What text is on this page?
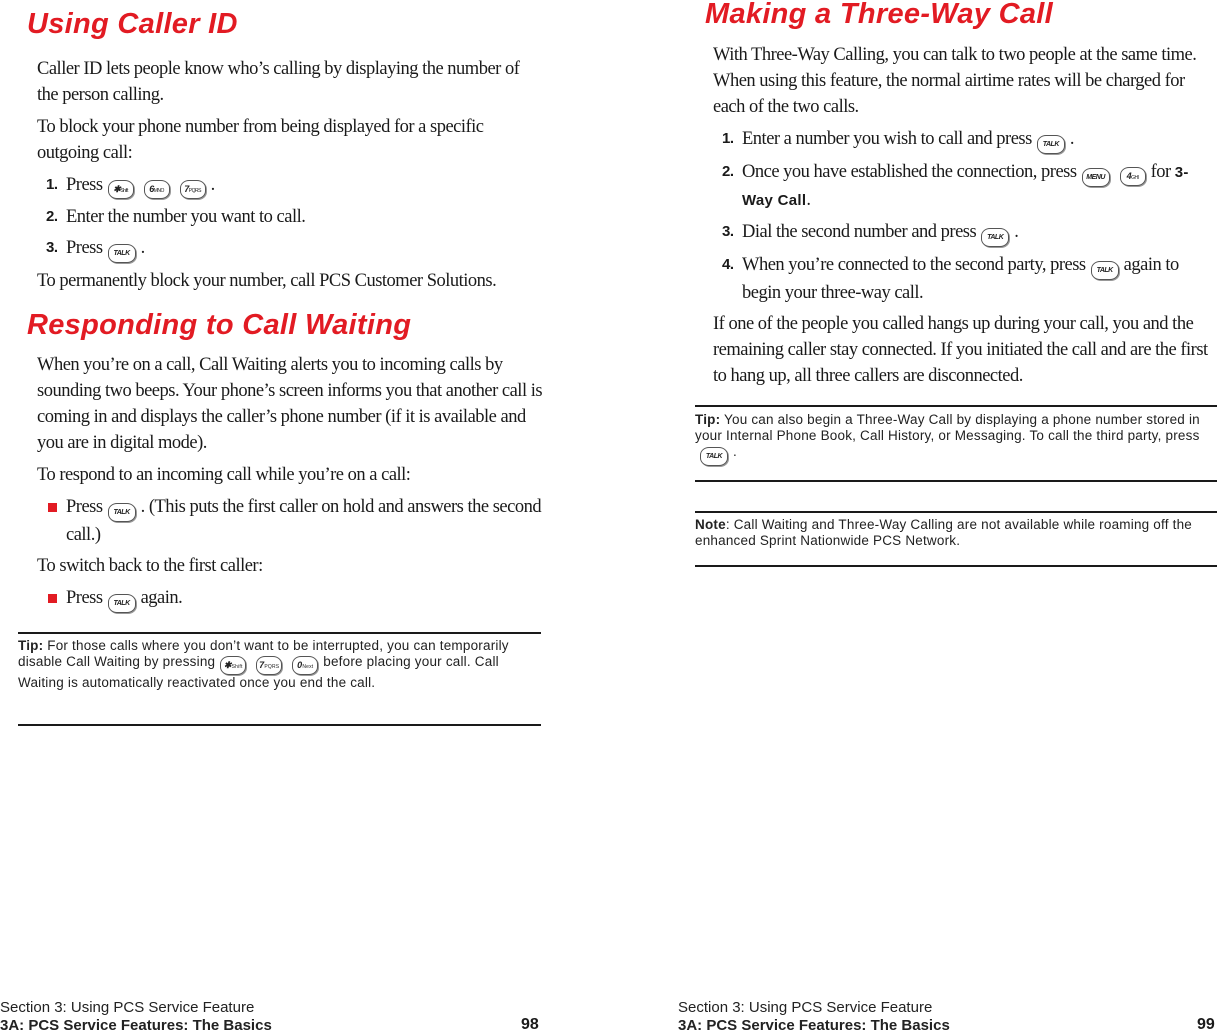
Using Caller ID

Caller ID lets people know who’s calling by displaying the number of the person calling.

To block your phone number from being displayed for a specific outgoing call:

1. Press ✱Shift 6MNO 7PQRS .
2. Enter the number you want to call.
3. Press TALK .

To permanently block your number, call PCS Customer Solutions.

Responding to Call Waiting

When you’re on a call, Call Waiting alerts you to incoming calls by sounding two beeps. Your phone’s screen informs you that another call is coming in and displays the caller’s phone number (if it is available and you are in digital mode).

To respond to an incoming call while you’re on a call:

Press TALK . (This puts the first caller on hold and answers the second call.)

To switch back to the first caller:

Press TALK again.
Tip: For those calls where you don’t want to be interrupted, you can temporarily disable Call Waiting by pressing ✱Shift 7PQRS 0Next before placing your call. Call Waiting is automatically reactivated once you end the call.
Section 3: Using PCS Service Feature
3A: PCS Service Features: The Basics	98
Making a Three-Way Call

With Three-Way Calling, you can talk to two people at the same time. When using this feature, the normal airtime rates will be charged for each of the two calls.

1. Enter a number you wish to call and press TALK .
2. Once you have established the connection, press MENU 4GHI for 3-Way Call.
3. Dial the second number and press TALK .
4. When you’re connected to the second party, press TALK again to begin your three-way call.

If one of the people you called hangs up during your call, you and the remaining caller stay connected. If you initiated the call and are the first to hang up, all three callers are disconnected.

Tip: You can also begin a Three-Way Call by displaying a phone number stored in your Internal Phone Book, Call History, or Messaging. To call the third party, pressTALK .
Note: Call Waiting and Three-Way Calling are not available while roaming off the enhanced Sprint Nationwide PCS Network.
Section 3: Using PCS Service Feature
3A: PCS Service Features: The Basics	99
